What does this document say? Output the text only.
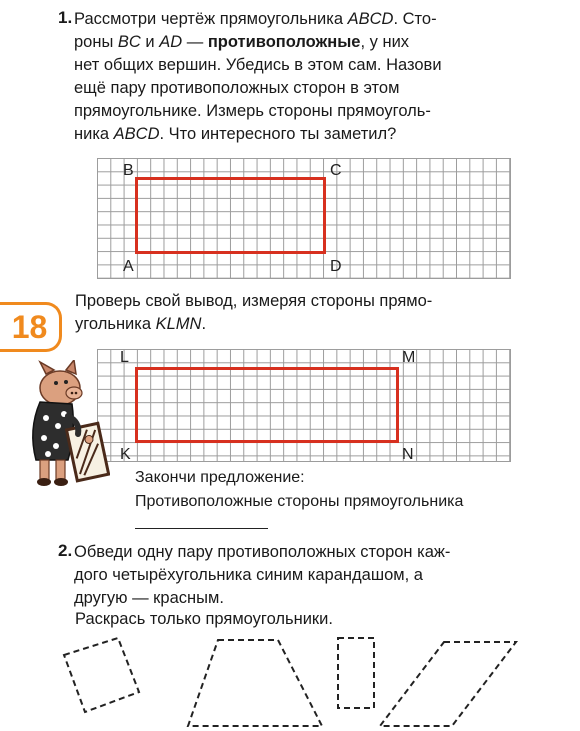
1. Рассмотри чертёж прямоугольника ABCD. Сто-
роны BC и AD — противоположные, у них
нет общих вершин. Убедись в этом сам. Назови
ещё пару противоположных сторон в этом
прямоугольнике. Измерь стороны прямоуголь-
ника ABCD. Что интересного ты заметил?
B	C
A	D
18
Проверь свой вывод, измеряя стороны прямо-
угольника KLMN.
L	M
K	N
Закончи предложение:
Противоположные стороны прямоугольника
2. Обведи одну пару противоположных сторон каж-
дого четырёхугольника синим карандашом, а
другую — красным.
Раскрась только прямоугольники.
